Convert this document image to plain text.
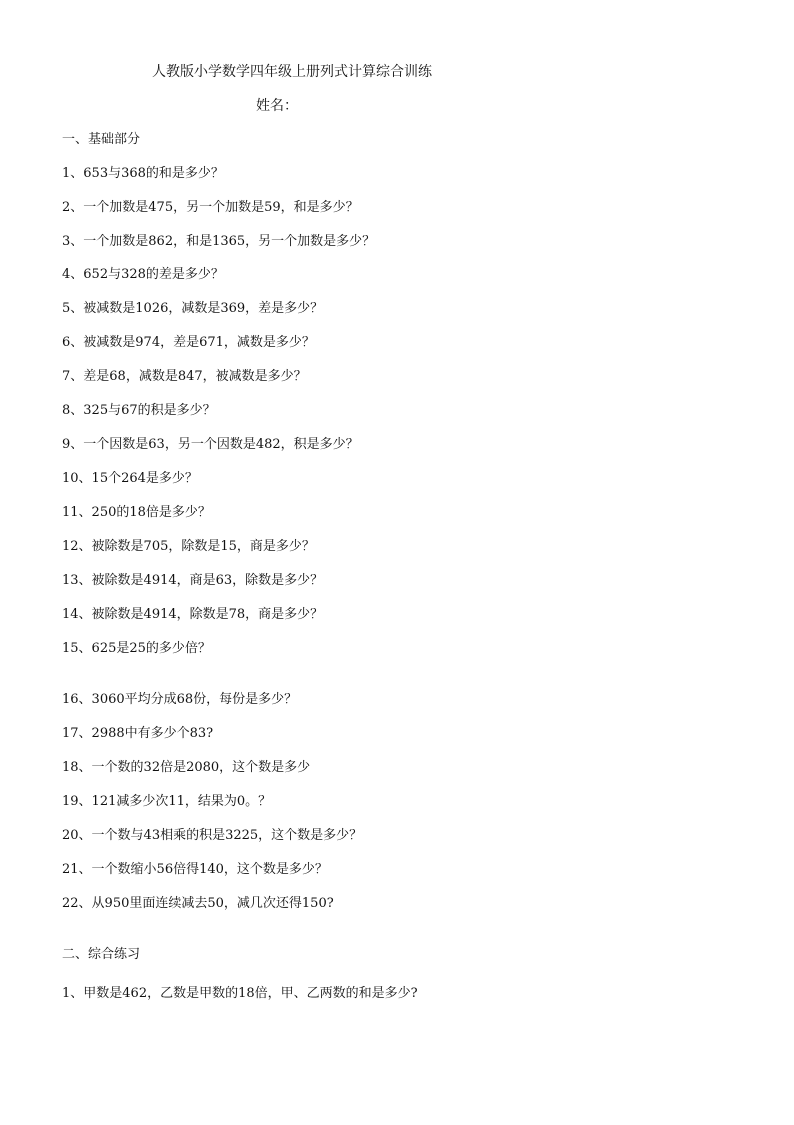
人教版小学数学四年级上册列式计算综合训练
姓名：
一、基础部分
1、653与368的和是多少？
2、一个加数是475，另一个加数是59，和是多少？
3、一个加数是862，和是1365，另一个加数是多少？
4、652与328的差是多少？
5、被减数是1026，减数是369，差是多少？
6、被减数是974，差是671，减数是多少？
7、差是68，减数是847，被减数是多少？
8、325与67的积是多少？
9、一个因数是63，另一个因数是482，积是多少？
10、15个264是多少？
11、250的18倍是多少？
12、被除数是705，除数是15，商是多少？
13、被除数是4914，商是63，除数是多少？
14、被除数是4914，除数是78，商是多少？
15、625是25的多少倍？
16、3060平均分成68份，每份是多少？
17、2988中有多少个83?
18、一个数的32倍是2080，这个数是多少
19、121减多少次11，结果为0。？
20、一个数与43相乘的积是3225，这个数是多少？
21、一个数缩小56倍得140，这个数是多少？
22、从950里面连续减去50，减几次还得150?
二、综合练习
1、甲数是462，乙数是甲数的18倍，甲、乙两数的和是多少?
